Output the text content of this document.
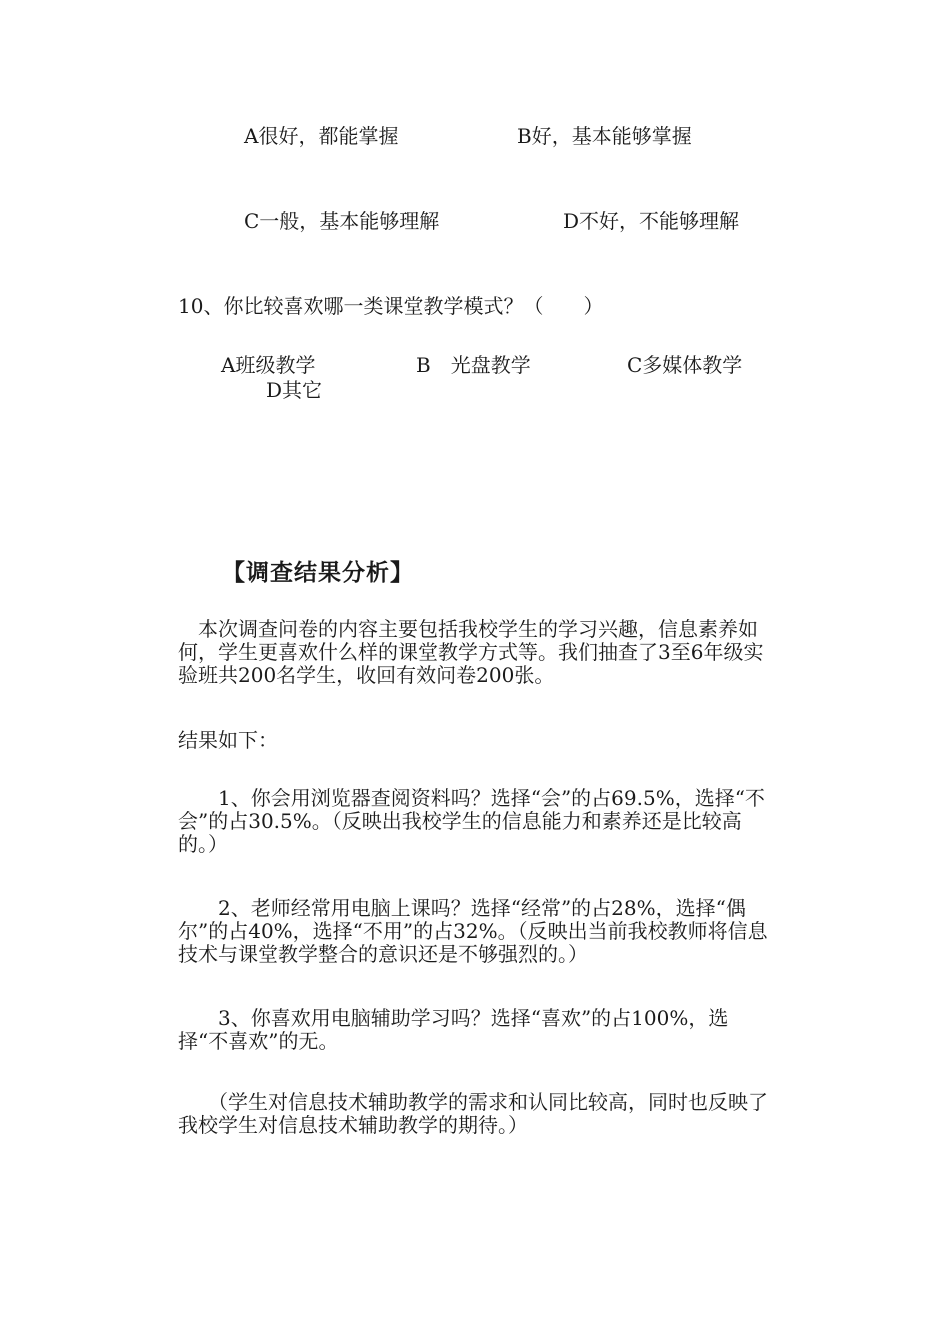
A很好，都能掌握	B好，基本能够掌握
C一般，基本能够理解	D不好，不能够理解
10、你比较喜欢哪一类课堂教学模式？（　　）
A班级教学	B　光盘教学	C多媒体教学
D其它
【调查结果分析】
　本次调查问卷的内容主要包括我校学生的学习兴趣，信息素养如何，学生更喜欢什么样的课堂教学方式等。我们抽查了3至6年级实验班共200名学生，收回有效问卷200张。
结果如下：
　　1、你会用浏览器查阅资料吗？选择“会”的占69.5%，选择“不会”的占30.5%。（反映出我校学生的信息能力和素养还是比较高的。）
　　2、老师经常用电脑上课吗？选择“经常”的占28%，选择“偶尔”的占40%，选择“不用”的占32%。（反映出当前我校教师将信息技术与课堂教学整合的意识还是不够强烈的。）
　　3、你喜欢用电脑辅助学习吗？选择“喜欢”的占100%，选择“不喜欢”的无。
　　（学生对信息技术辅助教学的需求和认同比较高，同时也反映了我校学生对信息技术辅助教学的期待。）
